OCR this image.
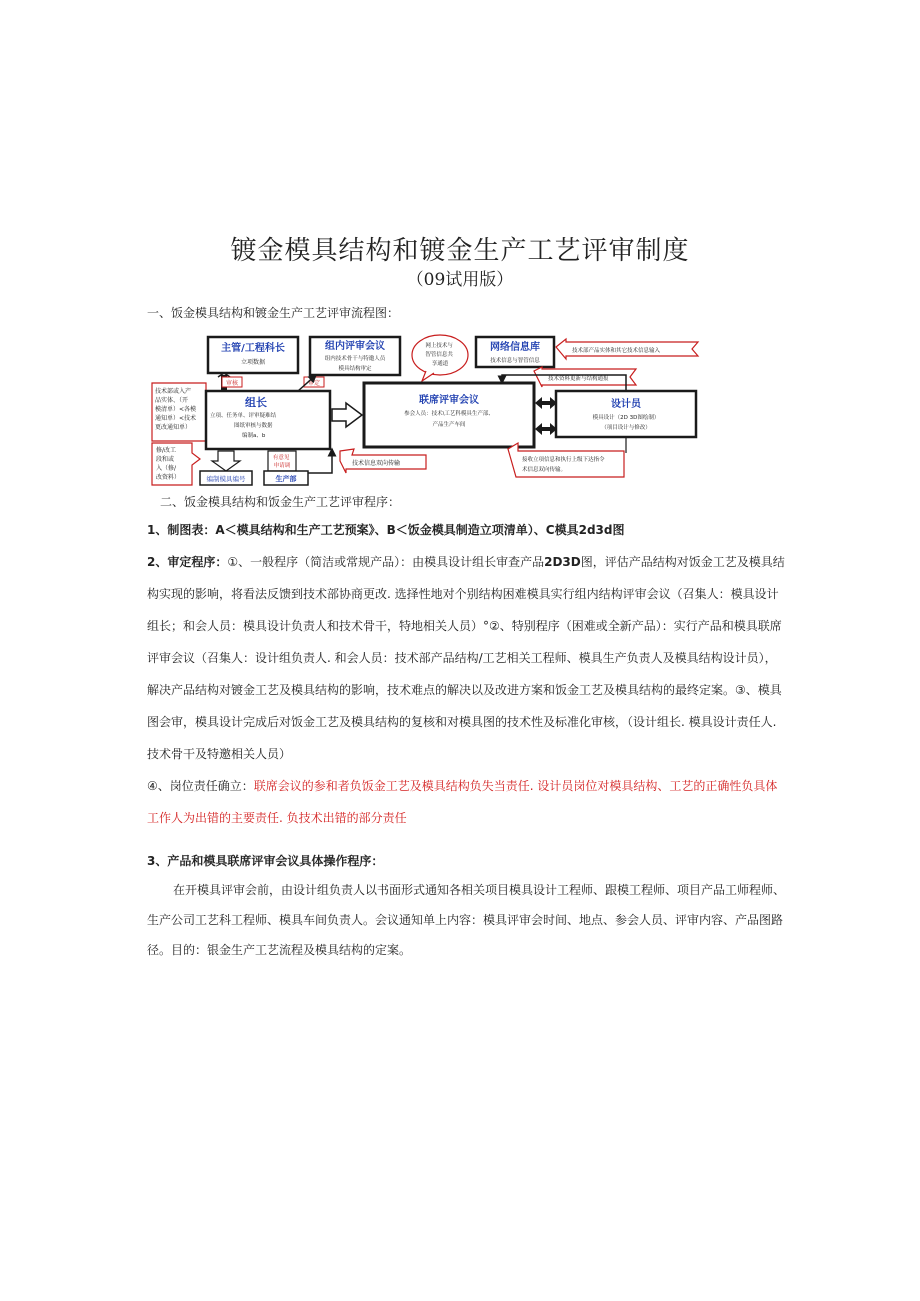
镀金模具结构和镀金生产工艺评审制度
（09试用版）
一、饭金模具结构和镀金生产工艺评审流程图：
技术部或入产 品实体、（开 模清单）<各模 通知单）<技术 更改通知单）
修/改工 段和或 入（修/ 改资料）
主管/工程科长
立项数据
组内评审会议
组内技术骨干与特邀人员
模具结构审定
网上技术与 智管信息共 享通道
网络信息库
技术信息与智管信息
技术部产品实体和其它技术信息输入
技术资料更新与结构通报
审核	审定
组长
立项、任务单、评审疑难结 图纸审核与数据 编制a、b
联席评审会议
参会人员：技术\工艺科模具生产部、
产品生产车间
设计员
模具设计（2D 3D图绘制）
（项目设计与修改）
编制模具编号
有意见 申请调
生产部
技术信息双向传输	接收立项信息和执行上级下达指令 术信息双向传输。
二、饭金模具结构和饭金生产工艺评审程序：
1、制图表：A＜模具结构和生产工艺预案》、B＜饭金模具制造立项清单）、C模具2d3d图
2、审定程序：①、一般程序（简洁或常规产品）：由模具设计组长审查产品2D3D图，评估产品结构对饭金工艺及模具结构实现的影响，将看法反馈到技术部协商更改. 选择性地对个别结构困难模具实行组内结构评审会议（召集人：模具设计组长；和会人员：模具设计负责人和技术骨干，特地相关人员）°②、特别程序（困难或全新产品）：实行产品和模具联席评审会议（召集人：设计组负责人. 和会人员：技术部产品结构/工艺相关工程师、模具生产负责人及模具结构设计员），解决产品结构对镀金工艺及模具结构的影响，技术难点的解决以及改进方案和饭金工艺及模具结构的最终定案。③、模具图会审，模具设计完成后对饭金工艺及模具结构的复核和对模具图的技术性及标准化审核，（设计组长. 模具设计责任人. 技术骨干及特邀相关人员）
④、岗位责任确立：联席会议的参和者负饭金工艺及模具结构负失当责任. 设计员岗位对模具结构、工艺的正确性负具体工作人为出错的主要责任. 负技术出错的部分责任
3、产品和模具联席评审会议具体操作程序：
在开模具评审会前，由设计组负责人以书面形式通知各相关项目模具设计工程师、跟模工程师、项目产品工师程师、生产公司工艺科工程师、模具车间负责人。会议通知单上内容：模具评审会时间、地点、参会人员、评审内容、产品图路径。目的：银金生产工艺流程及模具结构的定案。
